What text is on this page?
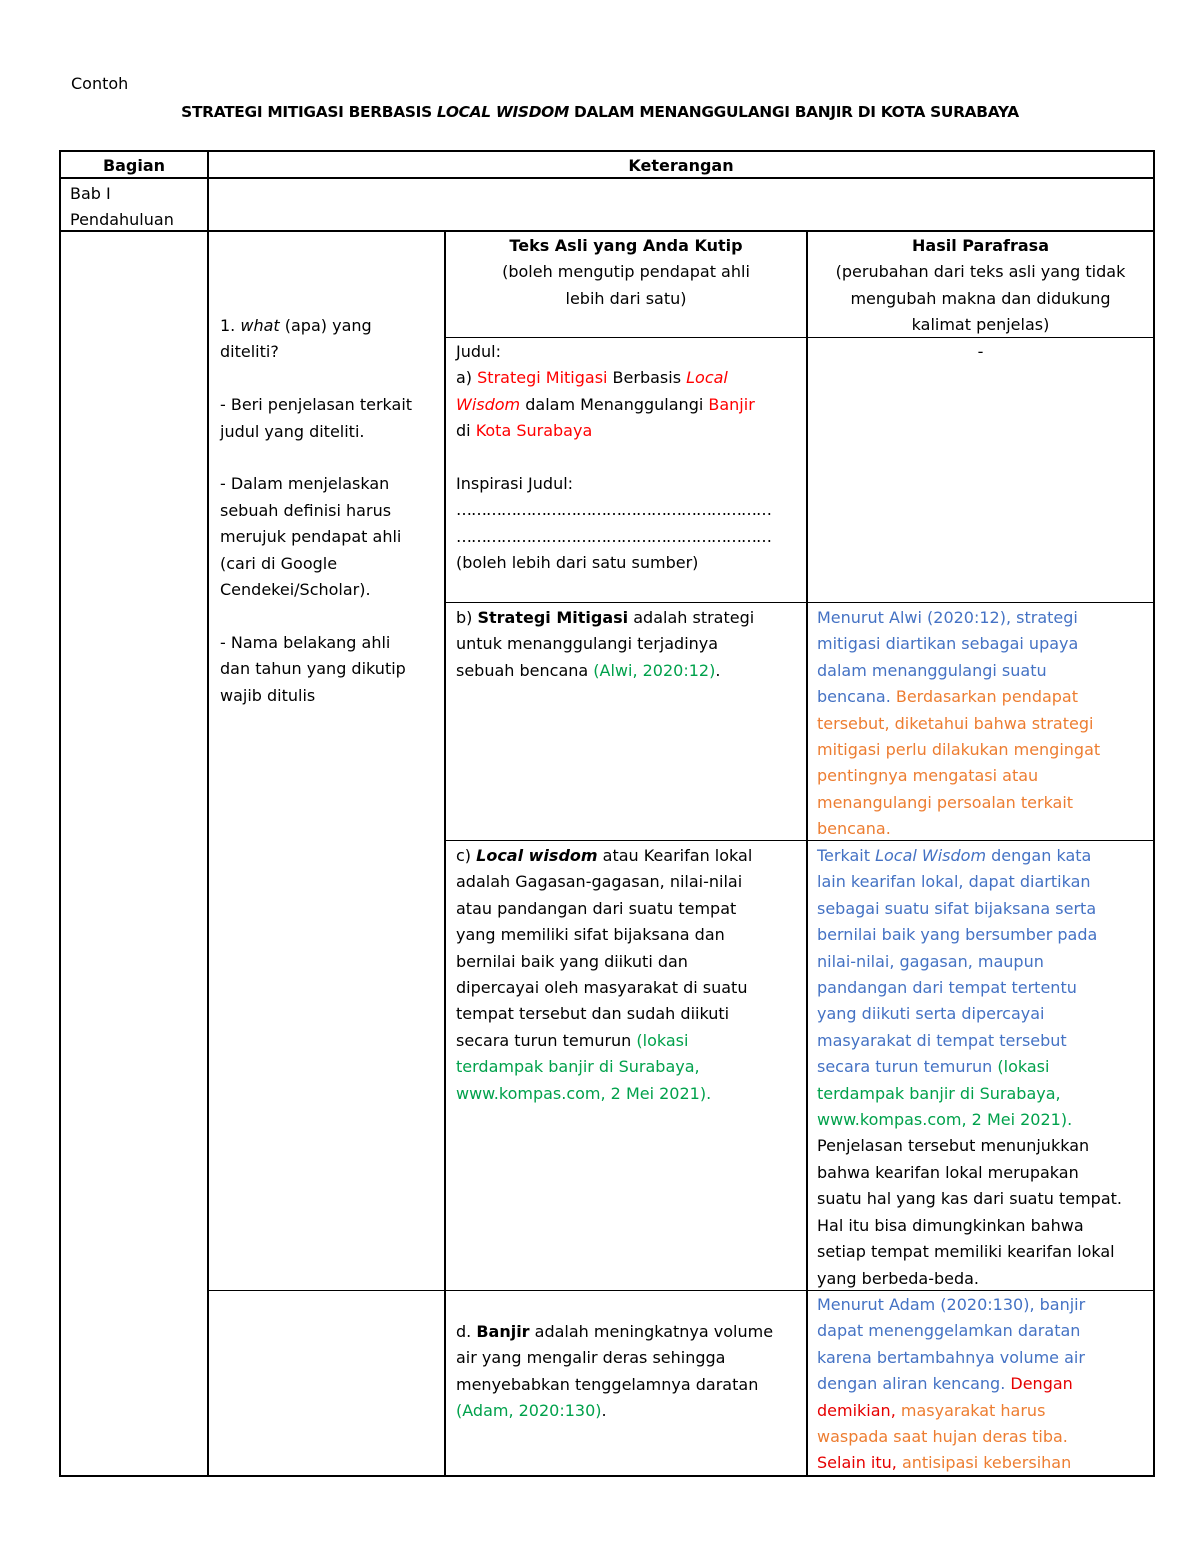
Contoh
STRATEGI MITIGASI BERBASIS LOCAL WISDOM DALAM MENANGGULANGI BANJIR DI KOTA SURABAYA
Bagian	Keterangan
Bab I
Pendahuluan
1. what (apa) yang
diteliti?
- Beri penjelasan terkait
judul yang diteliti.
- Dalam menjelaskan
sebuah definisi harus
merujuk pendapat ahli
(cari di Google
Cendekei/Scholar).
- Nama belakang ahli
dan tahun yang dikutip
wajib ditulis
Teks Asli yang Anda Kutip
(boleh mengutip pendapat ahli
lebih dari satu)
Hasil Parafrasa
(perubahan dari teks asli yang tidak
mengubah makna dan didukung
kalimat penjelas)
Judul:
a) Strategi Mitigasi Berbasis Local
Wisdom dalam Menanggulangi Banjir
di Kota Surabaya
Inspirasi Judul:
………………………………………………………
………………………………………………………
(boleh lebih dari satu sumber)
-
b) Strategi Mitigasi adalah strategi
untuk menanggulangi terjadinya
sebuah bencana (Alwi, 2020:12).
Menurut Alwi (2020:12), strategi
mitigasi diartikan sebagai upaya
dalam menanggulangi suatu
bencana. Berdasarkan pendapat
tersebut, diketahui bahwa strategi
mitigasi perlu dilakukan mengingat
pentingnya mengatasi atau
menangulangi persoalan terkait
bencana.
c) Local wisdom atau Kearifan lokal
adalah Gagasan-gagasan, nilai-nilai
atau pandangan dari suatu tempat
yang memiliki sifat bijaksana dan
bernilai baik yang diikuti dan
dipercayai oleh masyarakat di suatu
tempat tersebut dan sudah diikuti
secara turun temurun (lokasi
terdampak banjir di Surabaya,
www.kompas.com, 2 Mei 2021).
Terkait Local Wisdom dengan kata
lain kearifan lokal, dapat diartikan
sebagai suatu sifat bijaksana serta
bernilai baik yang bersumber pada
nilai-nilai, gagasan, maupun
pandangan dari tempat tertentu
yang diikuti serta dipercayai
masyarakat di tempat tersebut
secara turun temurun (lokasi
terdampak banjir di Surabaya,
www.kompas.com, 2 Mei 2021).
Penjelasan tersebut menunjukkan
bahwa kearifan lokal merupakan
suatu hal yang kas dari suatu tempat.
Hal itu bisa dimungkinkan bahwa
setiap tempat memiliki kearifan lokal
yang berbeda-beda.
d. Banjir adalah meningkatnya volume
air yang mengalir deras sehingga
menyebabkan tenggelamnya daratan
(Adam, 2020:130).
Menurut Adam (2020:130), banjir
dapat menenggelamkan daratan
karena bertambahnya volume air
dengan aliran kencang. Dengan
demikian, masyarakat harus
waspada saat hujan deras tiba.
Selain itu, antisipasi kebersihan
